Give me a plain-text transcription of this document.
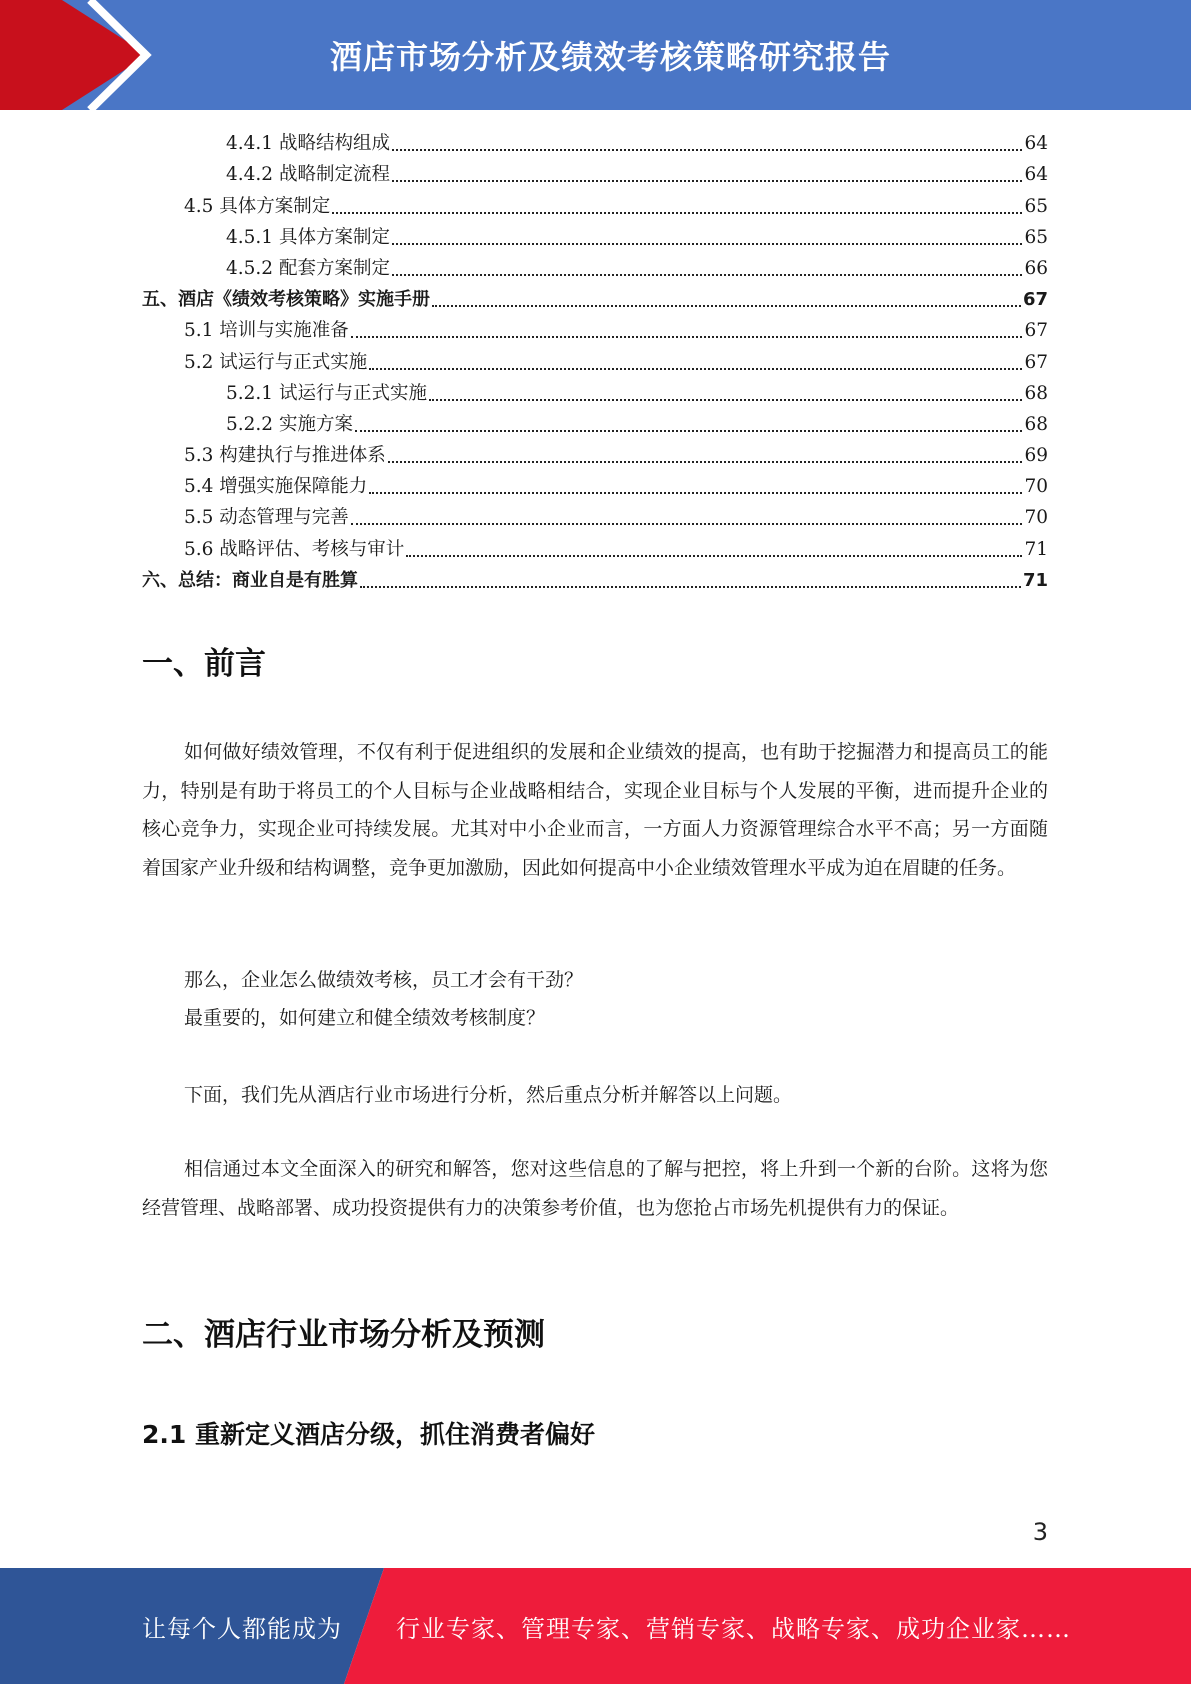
酒店市场分析及绩效考核策略研究报告
4.4.1 战略结构组成	64
4.4.2 战略制定流程	64
4.5 具体方案制定	65
4.5.1 具体方案制定	65
4.5.2 配套方案制定	66
五、酒店《绩效考核策略》实施手册	67
5.1 培训与实施准备	67
5.2 试运行与正式实施	67
5.2.1 试运行与正式实施	68
5.2.2 实施方案	68
5.3 构建执行与推进体系	69
5.4 增强实施保障能力	70
5.5 动态管理与完善	70
5.6 战略评估、考核与审计	71
六、总结：商业自是有胜算	71
一、前言

如何做好绩效管理，不仅有利于促进组织的发展和企业绩效的提高，也有助于挖掘潜力和提高员工的能力，特别是有助于将员工的个人目标与企业战略相结合，实现企业目标与个人发展的平衡，进而提升企业的核心竞争力，实现企业可持续发展。尤其对中小企业而言，一方面人力资源管理综合水平不高；另一方面随着国家产业升级和结构调整，竞争更加激励，因此如何提高中小企业绩效管理水平成为迫在眉睫的任务。

那么，企业怎么做绩效考核，员工才会有干劲？

最重要的，如何建立和健全绩效考核制度？

下面，我们先从酒店行业市场进行分析，然后重点分析并解答以上问题。

相信通过本文全面深入的研究和解答，您对这些信息的了解与把控，将上升到一个新的台阶。这将为您经营管理、战略部署、成功投资提供有力的决策参考价值，也为您抢占市场先机提供有力的保证。

二、酒店行业市场分析及预测
2.1 重新定义酒店分级，抓住消费者偏好
3
让每个人都能成为 行业专家、管理专家、营销专家、战略专家、成功企业家……
